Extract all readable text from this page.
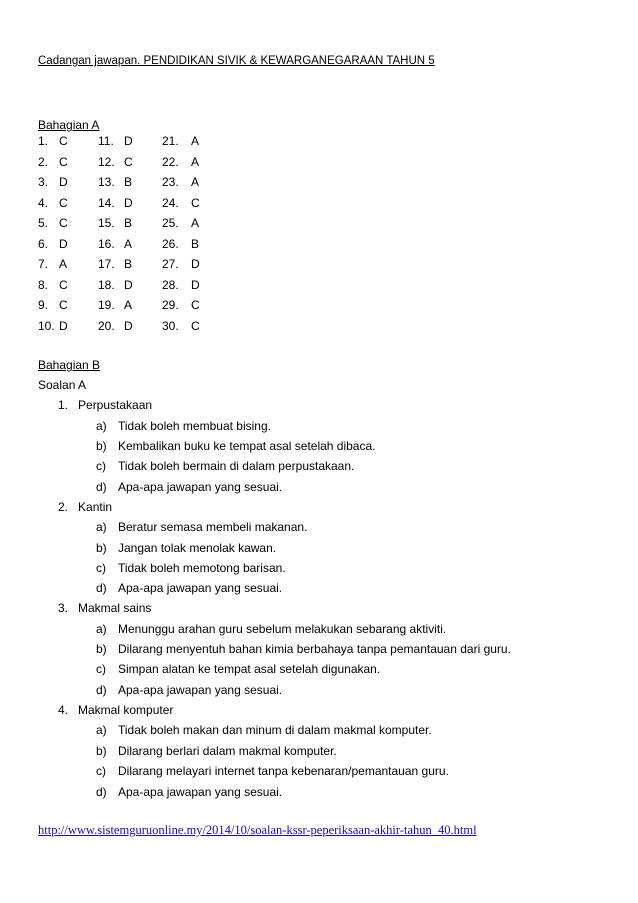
Cadangan jawapan. PENDIDIKAN SIVIK & KEWARGANEGARAAN TAHUN 5
Bahagian A
1. C	11. D 21. A
2. C	12. C 22. A
3. D	13. B 23. A
4. C	14. D 24. C
5. C	15. B 25. A
6. D	16. A 26. B
7. A	17. B 27. D
8. C	18. D 28. D
9. C	19. A 29. C
10. D	20. D 30. C
Bahagian B
Soalan A
1.   Perpustakaan
a) Tidak boleh membuat bising.
b) Kembalikan buku ke tempat asal setelah dibaca.
c) Tidak boleh bermain di dalam perpustakaan.
d) Apa-apa jawapan yang sesuai.
2.   Kantin
a) Beratur semasa membeli makanan.
b) Jangan tolak menolak kawan.
c) Tidak boleh memotong barisan.
d) Apa-apa jawapan yang sesuai.
3.   Makmal sains
a) Menunggu arahan guru sebelum melakukan sebarang aktiviti.
b) Dilarang menyentuh bahan kimia berbahaya tanpa pemantauan dari guru.
c) Simpan alatan ke tempat asal setelah digunakan.
d) Apa-apa jawapan yang sesuai.
4.   Makmal komputer
a) Tidak boleh makan dan minum di dalam makmal komputer.
b) Dilarang berlari dalam makmal komputer.
c) Dilarang melayari internet tanpa kebenaran/pemantauan guru.
d) Apa-apa jawapan yang sesuai.
http://www.sistemguruonline.my/2014/10/soalan-kssr-peperiksaan-akhir-tahun_40.html
